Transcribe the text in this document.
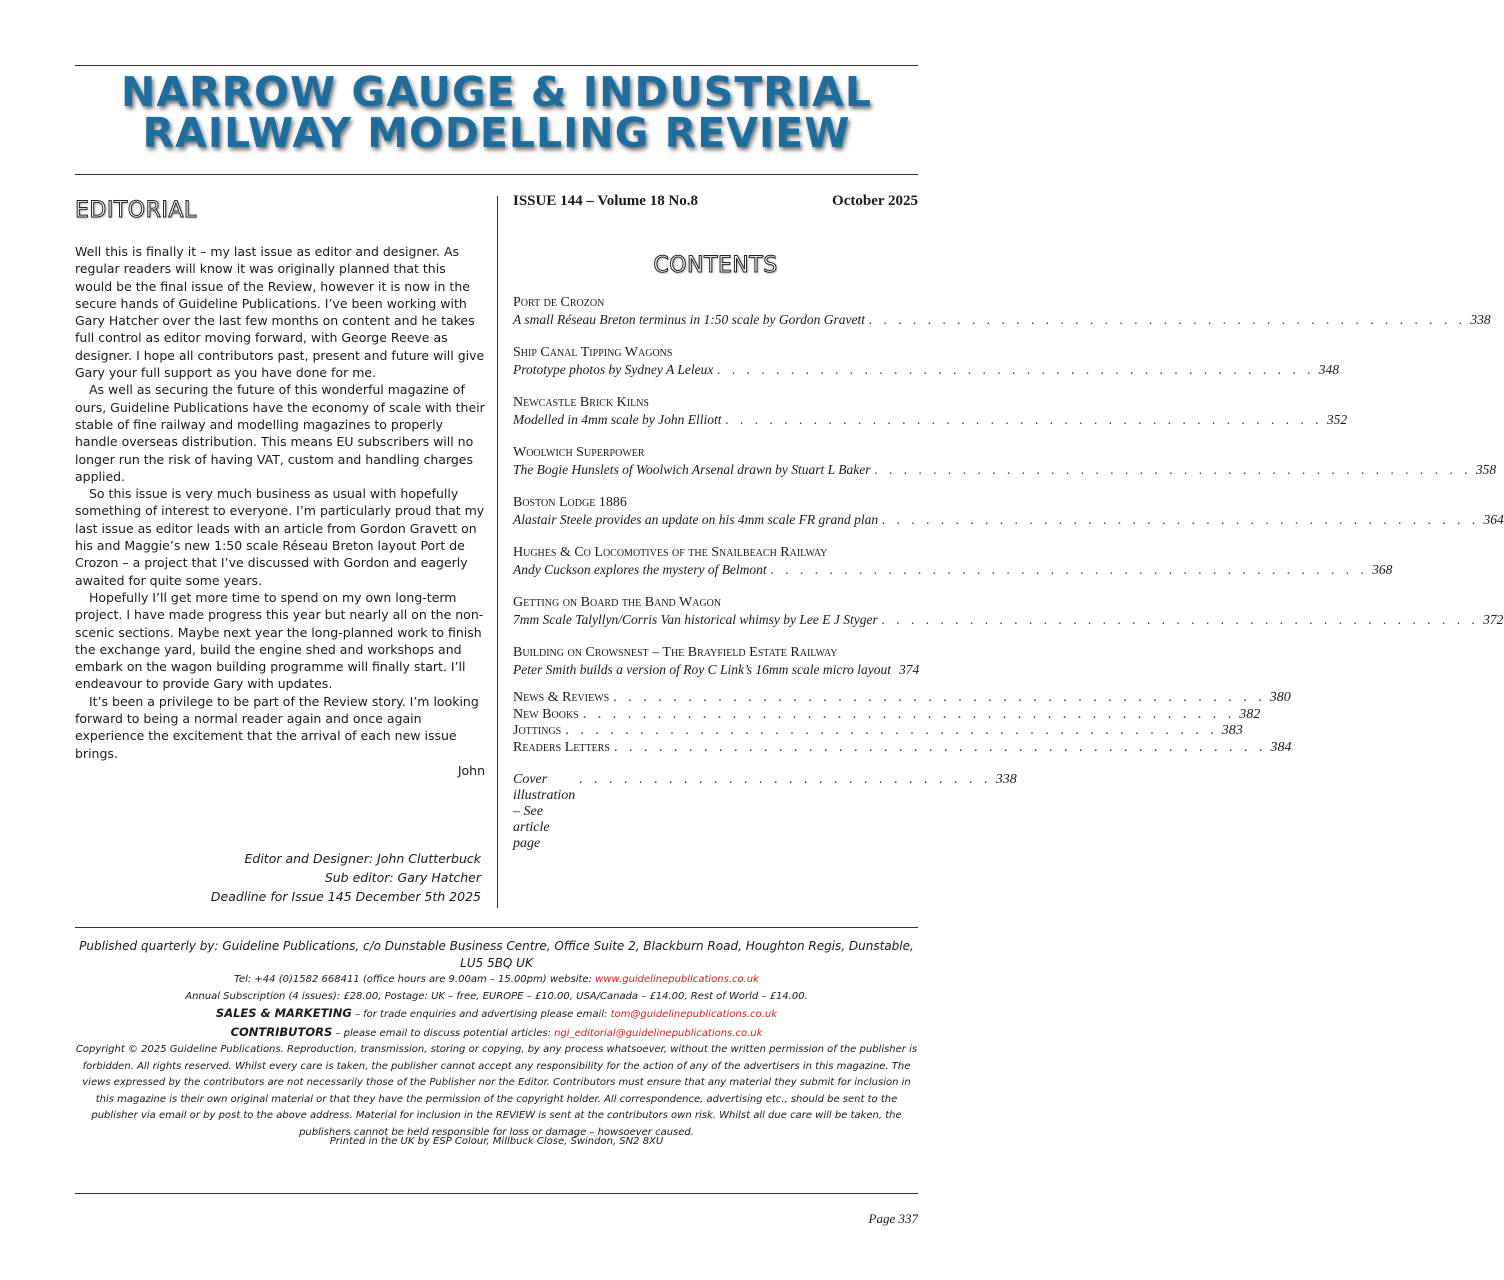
NARROW GAUGE & INDUSTRIAL
RAILWAY MODELLING REVIEW
EDITORIAL

Well this is finally it – my last issue as editor and designer. As regular readers will know it was originally planned that this would be the final issue of the Review, however it is now in the secure hands of Guideline Publications. I’ve been working with Gary Hatcher over the last few months on content and he takes full control as editor moving forward, with George Reeve as designer. I hope all contributors past, present and future will give Gary your full support as you have done for me.

As well as securing the future of this wonderful magazine of ours, Guideline Publications have the economy of scale with their stable of fine railway and modelling magazines to properly handle overseas distribution. This means EU subscribers will no longer run the risk of having VAT, custom and handling charges applied.

So this issue is very much business as usual with hopefully something of interest to everyone. I’m particularly proud that my last issue as editor leads with an article from Gordon Gravett on his and Maggie’s new 1:50 scale Réseau Breton layout Port de Crozon – a project that I’ve discussed with Gordon and eagerly awaited for quite some years.

Hopefully I’ll get more time to spend on my own long-term project. I have made progress this year but nearly all on the non-scenic sections. Maybe next year the long-planned work to finish the exchange yard, build the engine shed and workshops and embark on the wagon building programme will finally start. I’ll endeavour to provide Gary with updates.

It’s been a privilege to be part of the Review story. I’m looking forward to being a normal reader again and once again experience the excitement that the arrival of each new issue brings.

John

Editor and Designer: John Clutterbuck
Sub editor: Gary Hatcher
Deadline for Issue 145 December 5th 2025
ISSUE 144 – Volume 18 No.8	October 2025
CONTENTS
Port de Crozon
A small Réseau Breton terminus in 1:50 scale by Gordon Gravett . . . . . . . . . . . . . . . . . . . . . . . . . . . . . . . . . . . . . . . . . 338
Ship Canal Tipping Wagons
Prototype photos by Sydney A Leleux . . . . . . . . . . . . . . . . . . . . . . . . . . . . . . . . . . . . . . . . . 348
Newcastle Brick Kilns
Modelled in 4mm scale by John Elliott . . . . . . . . . . . . . . . . . . . . . . . . . . . . . . . . . . . . . . . . . 352
Woolwich Superpower
The Bogie Hunslets of Woolwich Arsenal drawn by Stuart L Baker . . . . . . . . . . . . . . . . . . . . . . . . . . . . . . . . . . . . . . . . . 358
Boston Lodge 1886
Alastair Steele provides an update on his 4mm scale FR grand plan . . . . . . . . . . . . . . . . . . . . . . . . . . . . . . . . . . . . . . . . . 364
Hughes & Co Locomotives of the Snailbeach Railway
Andy Cuckson explores the mystery of Belmont . . . . . . . . . . . . . . . . . . . . . . . . . . . . . . . . . . . . . . . . . 368
Getting on Board the Band Wagon
7mm Scale Talyllyn/Corris Van historical whimsy by Lee E J Styger . . . . . . . . . . . . . . . . . . . . . . . . . . . . . . . . . . . . . . . . . 372
Building on Crowsnest – The Brayfield Estate Railway
Peter Smith builds a version of Roy C Link’s 16mm scale micro layout 374
News & Reviews . . . . . . . . . . . . . . . . . . . . . . . . . . . . . . . . . . . . . . . . . . . . 380
New Books . . . . . . . . . . . . . . . . . . . . . . . . . . . . . . . . . . . . . . . . . . . . 382
Jottings . . . . . . . . . . . . . . . . . . . . . . . . . . . . . . . . . . . . . . . . . . . . 383
Readers Letters . . . . . . . . . . . . . . . . . . . . . . . . . . . . . . . . . . . . . . . . . . . . 384
Cover illustration – See article page
. . . . . . . . . . . . . . . . . . . . . . . . . . . . 338
Published quarterly by: Guideline Publications, c/o Dunstable Business Centre, Office Suite 2, Blackburn Road, Houghton Regis, Dunstable, LU5 5BQ UK
Tel: +44 (0)1582 668411 (office hours are 9.00am – 15.00pm) website: www.guidelinepublications.co.uk
Annual Subscription (4 issues): £28.00, Postage: UK – free, EUROPE – £10.00, USA/Canada – £14.00, Rest of World – £14.00.
SALES & MARKETING – for trade enquiries and advertising please email: tom@guidelinepublications.co.uk
CONTRIBUTORS – please email to discuss potential articles: ngi_editorial@guidelinepublications.co.uk
Copyright © 2025 Guideline Publications. Reproduction, transmission, storing or copying, by any process whatsoever, without the written permission of the publisher is forbidden. All rights reserved. Whilst every care is taken, the publisher cannot accept any responsibility for the action of any of the advertisers in this magazine. The views expressed by the contributors are not necessarily those of the Publisher nor the Editor. Contributors must ensure that any material they submit for inclusion in this magazine is their own original material or that they have the permission of the copyright holder. All correspondence, advertising etc., should be sent to the publisher via email or by post to the above address. Material for inclusion in the REVIEW is sent at the contributors own risk. Whilst all due care will be taken, the publishers cannot be held responsible for loss or damage – howsoever caused.
Printed in the UK by ESP Colour, Millbuck Close, Swindon, SN2 8XU
Page 337
